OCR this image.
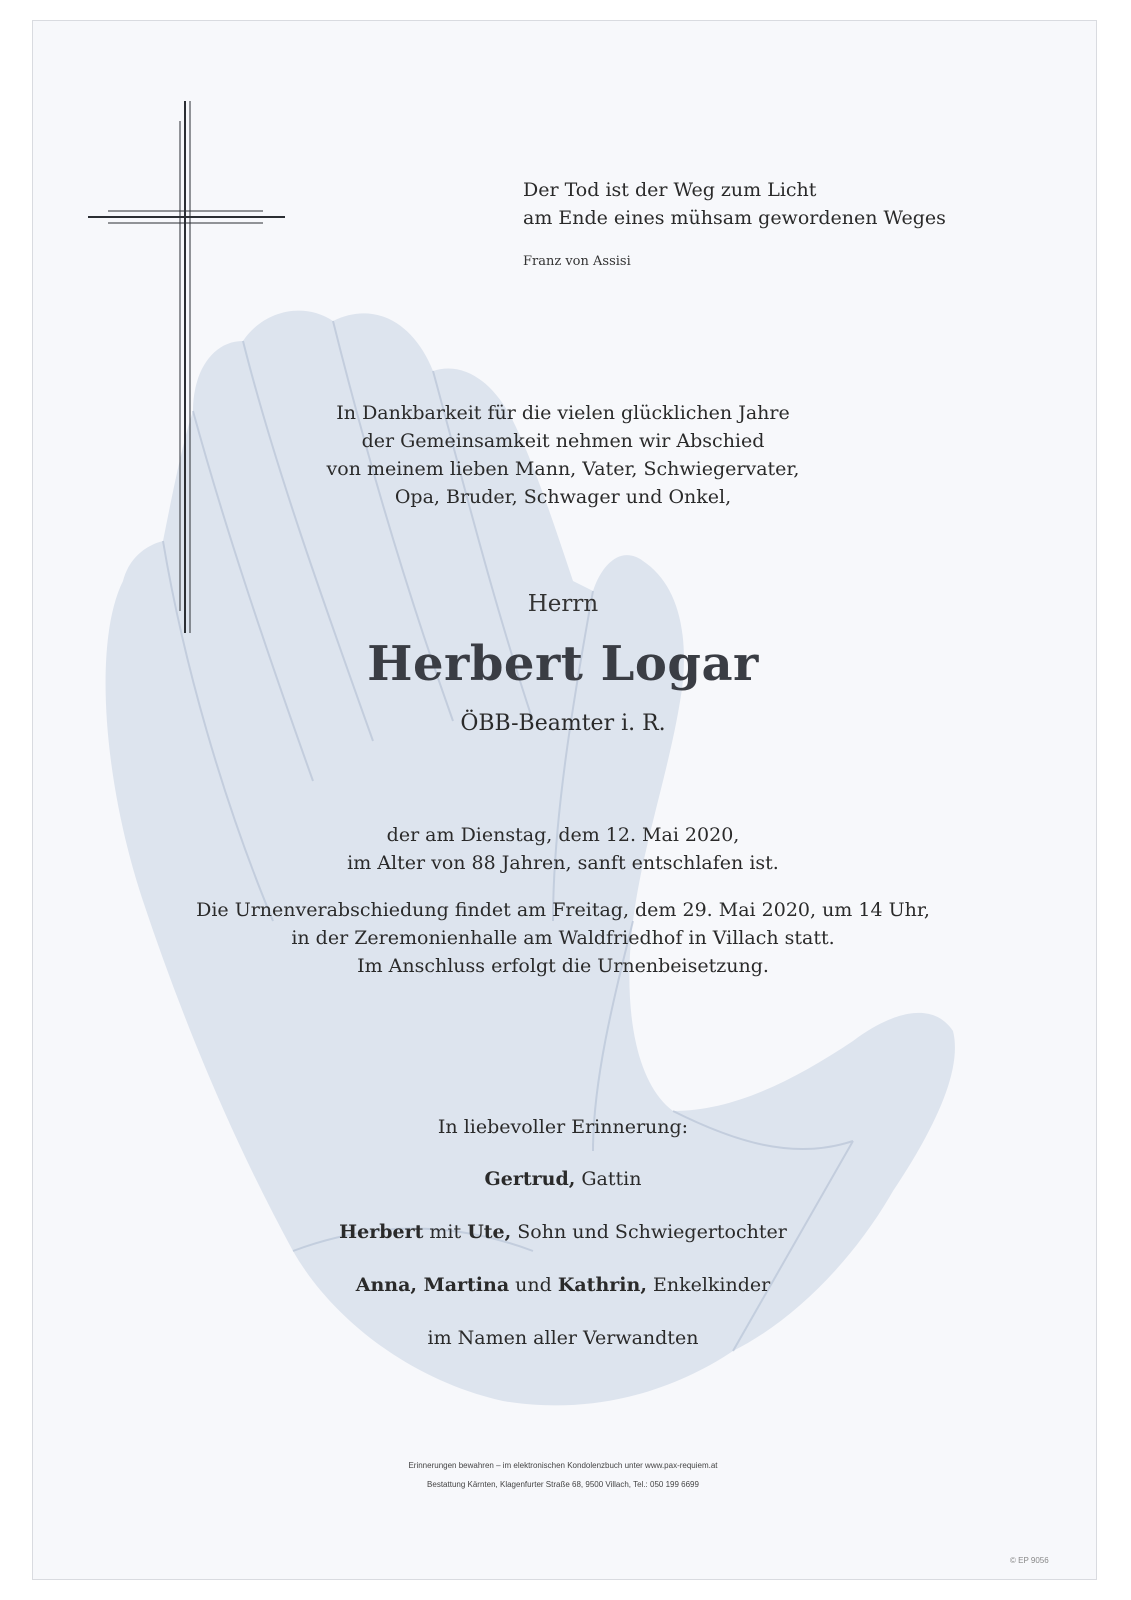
Der Tod ist der Weg zum Licht
am Ende eines mühsam gewordenen Weges
Franz von Assisi
In Dankbarkeit für die vielen glücklichen Jahre
der Gemeinsamkeit nehmen wir Abschied
von meinem lieben Mann, Vater, Schwiegervater,
Opa, Bruder, Schwager und Onkel,
Herrn
Herbert Logar
ÖBB-Beamter i. R.
der am Dienstag, dem 12. Mai 2020,
im Alter von 88 Jahren, sanft entschlafen ist.
Die Urnenverabschiedung findet am Freitag, dem 29. Mai 2020, um 14 Uhr,
in der Zeremonienhalle am Waldfriedhof in Villach statt.
Im Anschluss erfolgt die Urnenbeisetzung.
In liebevoller Erinnerung:
Gertrud, Gattin
Herbert mit Ute, Sohn und Schwiegertochter
Anna, Martina und Kathrin, Enkelkinder
im Namen aller Verwandten
Erinnerungen bewahren – im elektronischen Kondolenzbuch unter www.pax-requiem.at
Bestattung Kärnten, Klagenfurter Straße 68, 9500 Villach, Tel.: 050 199 6699
© EP 9056
